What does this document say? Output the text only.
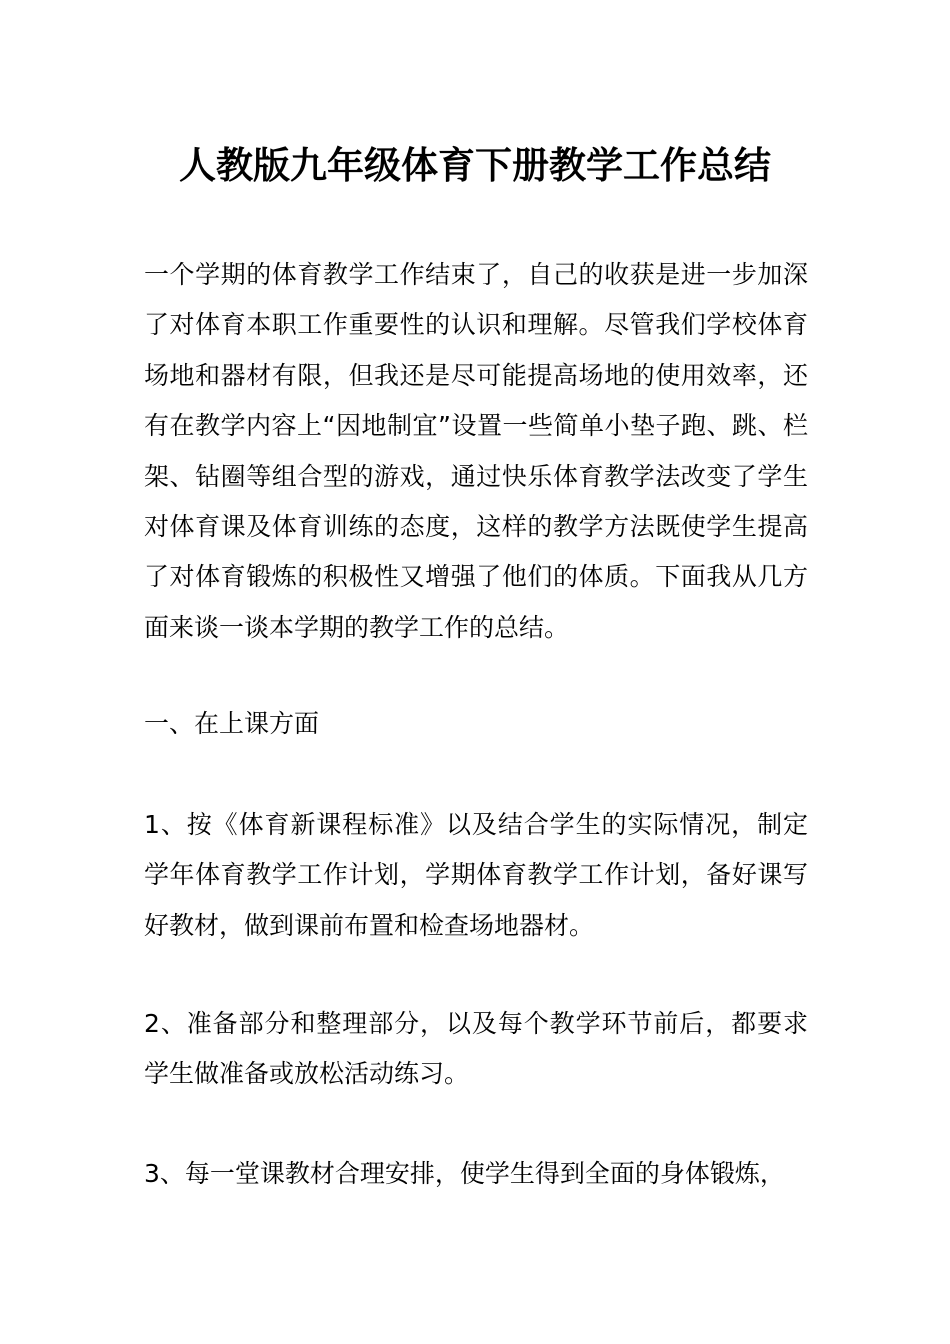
人教版九年级体育下册教学工作总结

一个学期的体育教学工作结束了，自己的收获是进一步加深了对体育本职工作重要性的认识和理解。尽管我们学校体育场地和器材有限，但我还是尽可能提高场地的使用效率，还有在教学内容上“因地制宜”设置一些简单小垫子跑、跳、栏架、钻圈等组合型的游戏，通过快乐体育教学法改变了学生对体育课及体育训练的态度，这样的教学方法既使学生提高了对体育锻炼的积极性又增强了他们的体质。下面我从几方面来谈一谈本学期的教学工作的总结。

一、在上课方面

1、按《体育新课程标准》以及结合学生的实际情况，制定学年体育教学工作计划，学期体育教学工作计划，备好课写好教材，做到课前布置和检查场地器材。

2、准备部分和整理部分，以及每个教学环节前后，都要求学生做准备或放松活动练习。

3、每一堂课教材合理安排，使学生得到全面的身体锻炼，
